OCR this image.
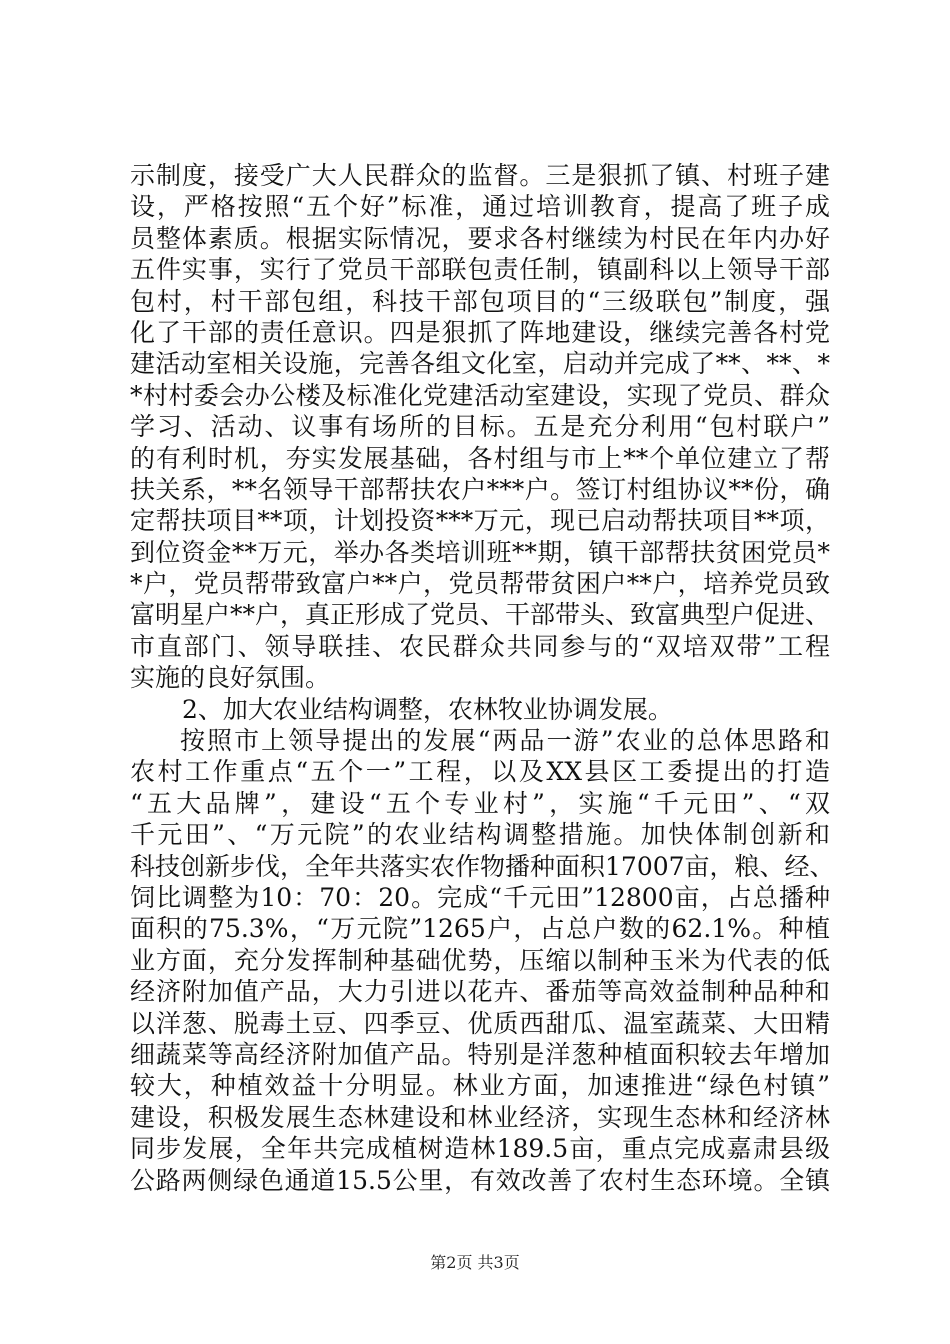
示制度，接受广大人民群众的监督。三是狠抓了镇、村班子建
设，严格按照“五个好”标准，通过培训教育，提高了班子成
员整体素质。根据实际情况，要求各村继续为村民在年内办好
五件实事，实行了党员干部联包责任制，镇副科以上领导干部
包村，村干部包组，科技干部包项目的“三级联包”制度，强
化了干部的责任意识。四是狠抓了阵地建设，继续完善各村党
建活动室相关设施，完善各组文化室，启动并完成了**、**、*
*村村委会办公楼及标准化党建活动室建设，实现了党员、群众
学习、活动、议事有场所的目标。五是充分利用“包村联户”
的有利时机，夯实发展基础，各村组与市上**个单位建立了帮
扶关系，**名领导干部帮扶农户***户。签订村组协议**份，确
定帮扶项目**项，计划投资***万元，现已启动帮扶项目**项，
到位资金**万元，举办各类培训班**期，镇干部帮扶贫困党员*
*户，党员帮带致富户**户，党员帮带贫困户**户，培养党员致
富明星户**户，真正形成了党员、干部带头、致富典型户促进、
市直部门、领导联挂、农民群众共同参与的“双培双带”工程
实施的良好氛围。
2、加大农业结构调整，农林牧业协调发展。
按照市上领导提出的发展“两品一游”农业的总体思路和
农村工作重点“五个一”工程，以及XX县区工委提出的打造
“五大品牌”，建设“五个专业村”，实施“千元田”、“双
千元田”、“万元院”的农业结构调整措施。加快体制创新和
科技创新步伐，全年共落实农作物播种面积17007亩，粮、经、
饲比调整为10：70：20。完成“千元田”12800亩，占总播种
面积的75.3%，“万元院”1265户，占总户数的62.1%。种植
业方面，充分发挥制种基础优势，压缩以制种玉米为代表的低
经济附加值产品，大力引进以花卉、番茄等高效益制种品种和
以洋葱、脱毒土豆、四季豆、优质西甜瓜、温室蔬菜、大田精
细蔬菜等高经济附加值产品。特别是洋葱种植面积较去年增加
较大，种植效益十分明显。林业方面，加速推进“绿色村镇”
建设，积极发展生态林建设和林业经济，实现生态林和经济林
同步发展，全年共完成植树造林189.5亩，重点完成嘉肃县级
公路两侧绿色通道15.5公里，有效改善了农村生态环境。全镇
第2页 共3页
